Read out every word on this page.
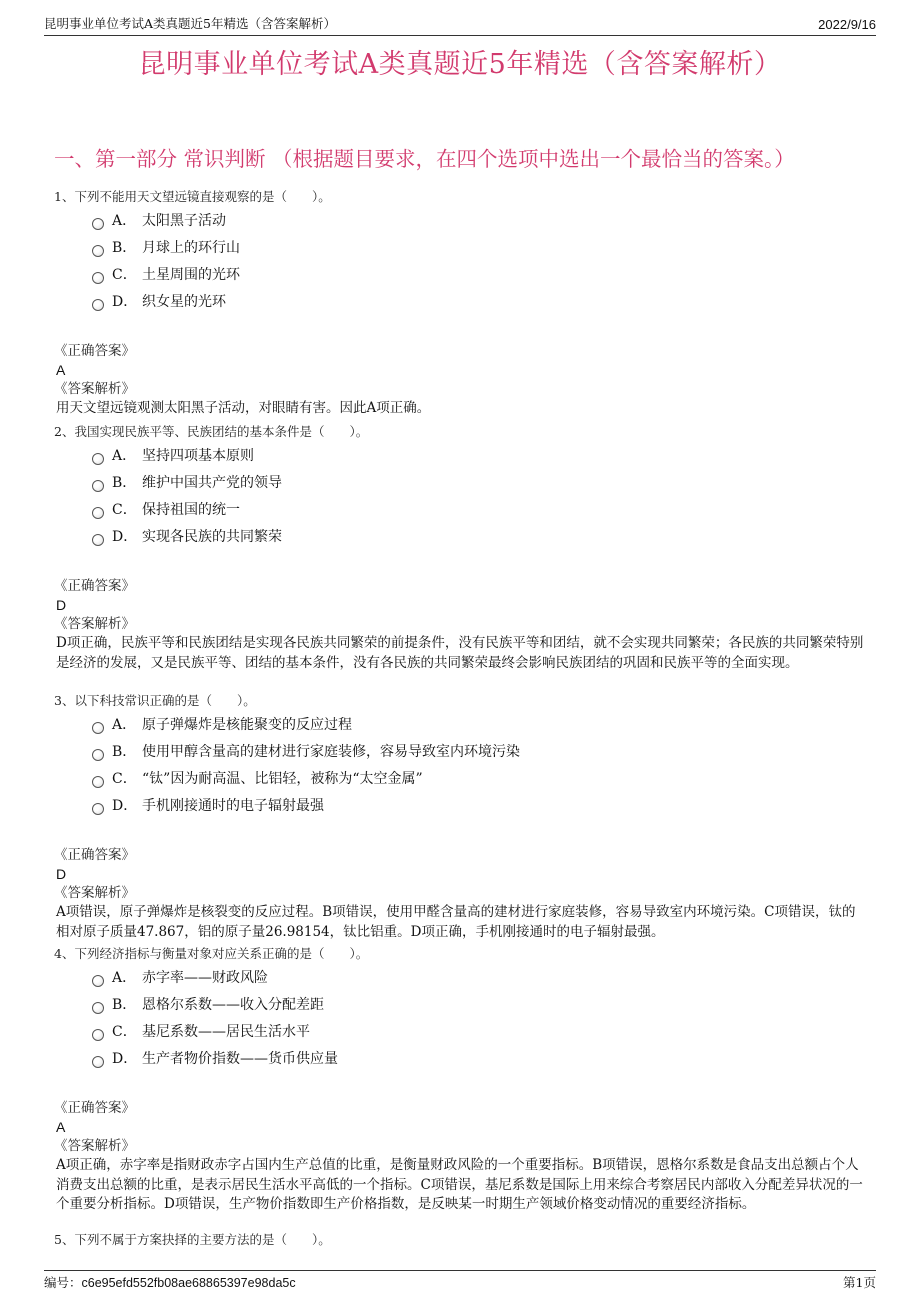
昆明事业单位考试A类真题近5年精选（含答案解析）	2022/9/16
昆明事业单位考试A类真题近5年精选（含答案解析）
一、第一部分 常识判断 （根据题目要求，在四个选项中选出一个最恰当的答案。）
1、下列不能用天文望远镜直接观察的是（　　）。
A． 太阳黑子活动
B． 月球上的环行山
C． 土星周围的光环
D． 织女星的光环
《正确答案》
A
《答案解析》
用天文望远镜观测太阳黑子活动，对眼睛有害。因此A项正确。
2、我国实现民族平等、民族团结的基本条件是（　　）。
A． 坚持四项基本原则
B． 维护中国共产党的领导
C． 保持祖国的统一
D． 实现各民族的共同繁荣
《正确答案》
D
《答案解析》
D项正确，民族平等和民族团结是实现各民族共同繁荣的前提条件，没有民族平等和团结，就不会实现共同繁荣；各民族的共同繁荣特别是经济的发展，又是民族平等、团结的基本条件，没有各民族的共同繁荣最终会影响民族团结的巩固和民族平等的全面实现。
3、以下科技常识正确的是（　　）。
A． 原子弹爆炸是核能聚变的反应过程
B． 使用甲醇含量高的建材进行家庭装修，容易导致室内环境污染
C． “钛”因为耐高温、比铝轻，被称为“太空金属”
D． 手机刚接通时的电子辐射最强
《正确答案》
D
《答案解析》
A项错误，原子弹爆炸是核裂变的反应过程。B项错误，使用甲醛含量高的建材进行家庭装修，容易导致室内环境污染。C项错误，钛的相对原子质量47.867，铝的原子量26.98154，钛比铝重。D项正确，手机刚接通时的电子辐射最强。
4、下列经济指标与衡量对象对应关系正确的是（　　）。
A． 赤字率——财政风险
B． 恩格尔系数——收入分配差距
C． 基尼系数——居民生活水平
D． 生产者物价指数——货币供应量
《正确答案》
A
《答案解析》
A项正确，赤字率是指财政赤字占国内生产总值的比重，是衡量财政风险的一个重要指标。B项错误，恩格尔系数是食品支出总额占个人消费支出总额的比重，是表示居民生活水平高低的一个指标。C项错误，基尼系数是国际上用来综合考察居民内部收入分配差异状况的一个重要分析指标。D项错误，生产物价指数即生产价格指数，是反映某一时期生产领域价格变动情况的重要经济指标。
5、下列不属于方案抉择的主要方法的是（　　）。
编号：c6e95efd552fb08ae68865397e98da5c	第1页
